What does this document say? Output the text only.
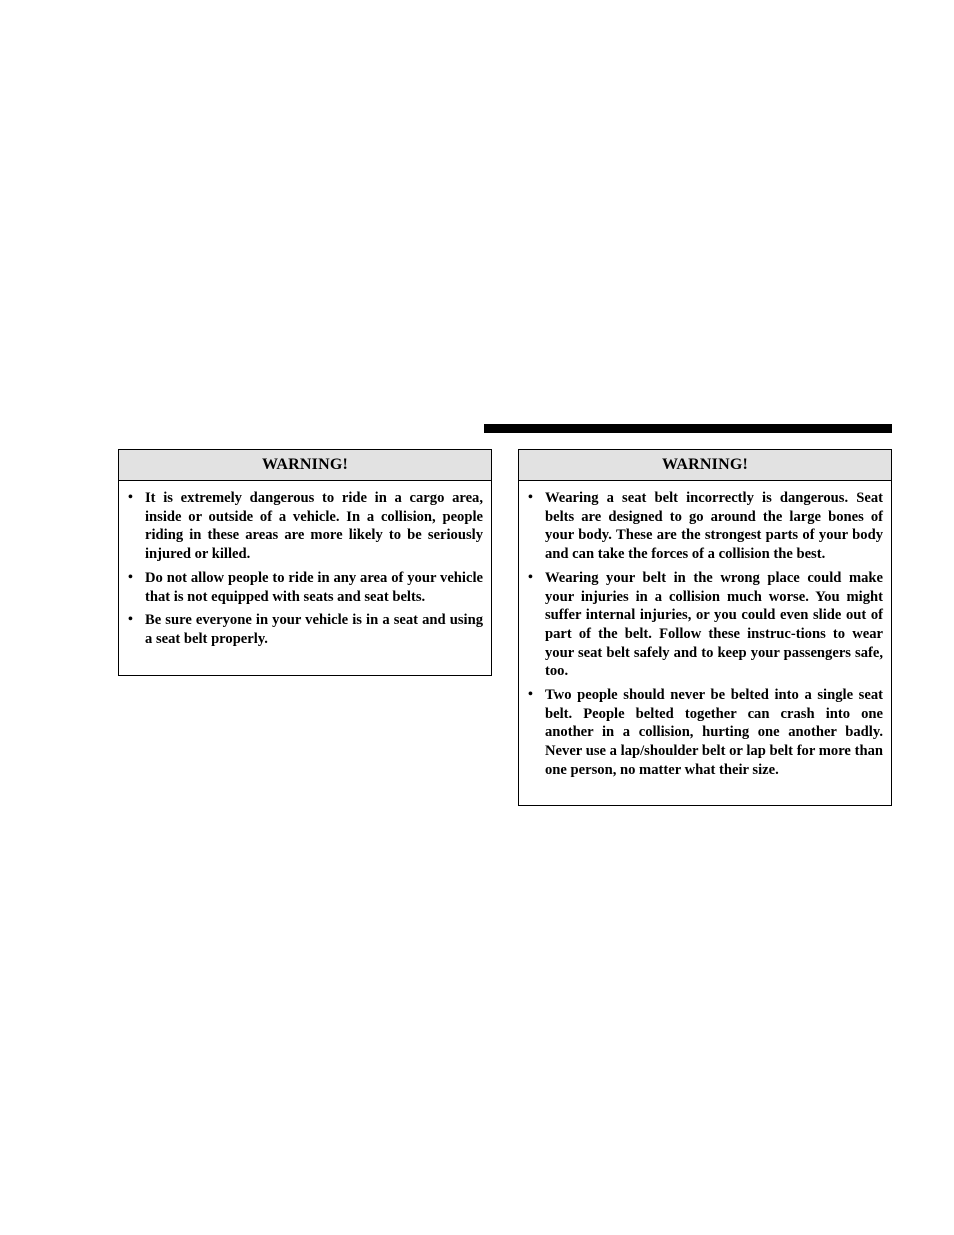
WARNING!
• It is extremely dangerous to ride in a cargo area, inside or outside of a vehicle. In a collision, people riding in these areas are more likely to be seriously injured or killed.
• Do not allow people to ride in any area of your vehicle that is not equipped with seats and seat belts.
• Be sure everyone in your vehicle is in a seat and using a seat belt properly.
WARNING!
• Wearing a seat belt incorrectly is dangerous. Seat belts are designed to go around the large bones of your body. These are the strongest parts of your body and can take the forces of a collision the best.
• Wearing your belt in the wrong place could make your injuries in a collision much worse. You might suffer internal injuries, or you could even slide out of part of the belt. Follow these instruc-tions to wear your seat belt safely and to keep your passengers safe, too.
• Two people should never be belted into a single seat belt. People belted together can crash into one another in a collision, hurting one another badly. Never use a lap/shoulder belt or lap belt for more than one person, no matter what their size.
